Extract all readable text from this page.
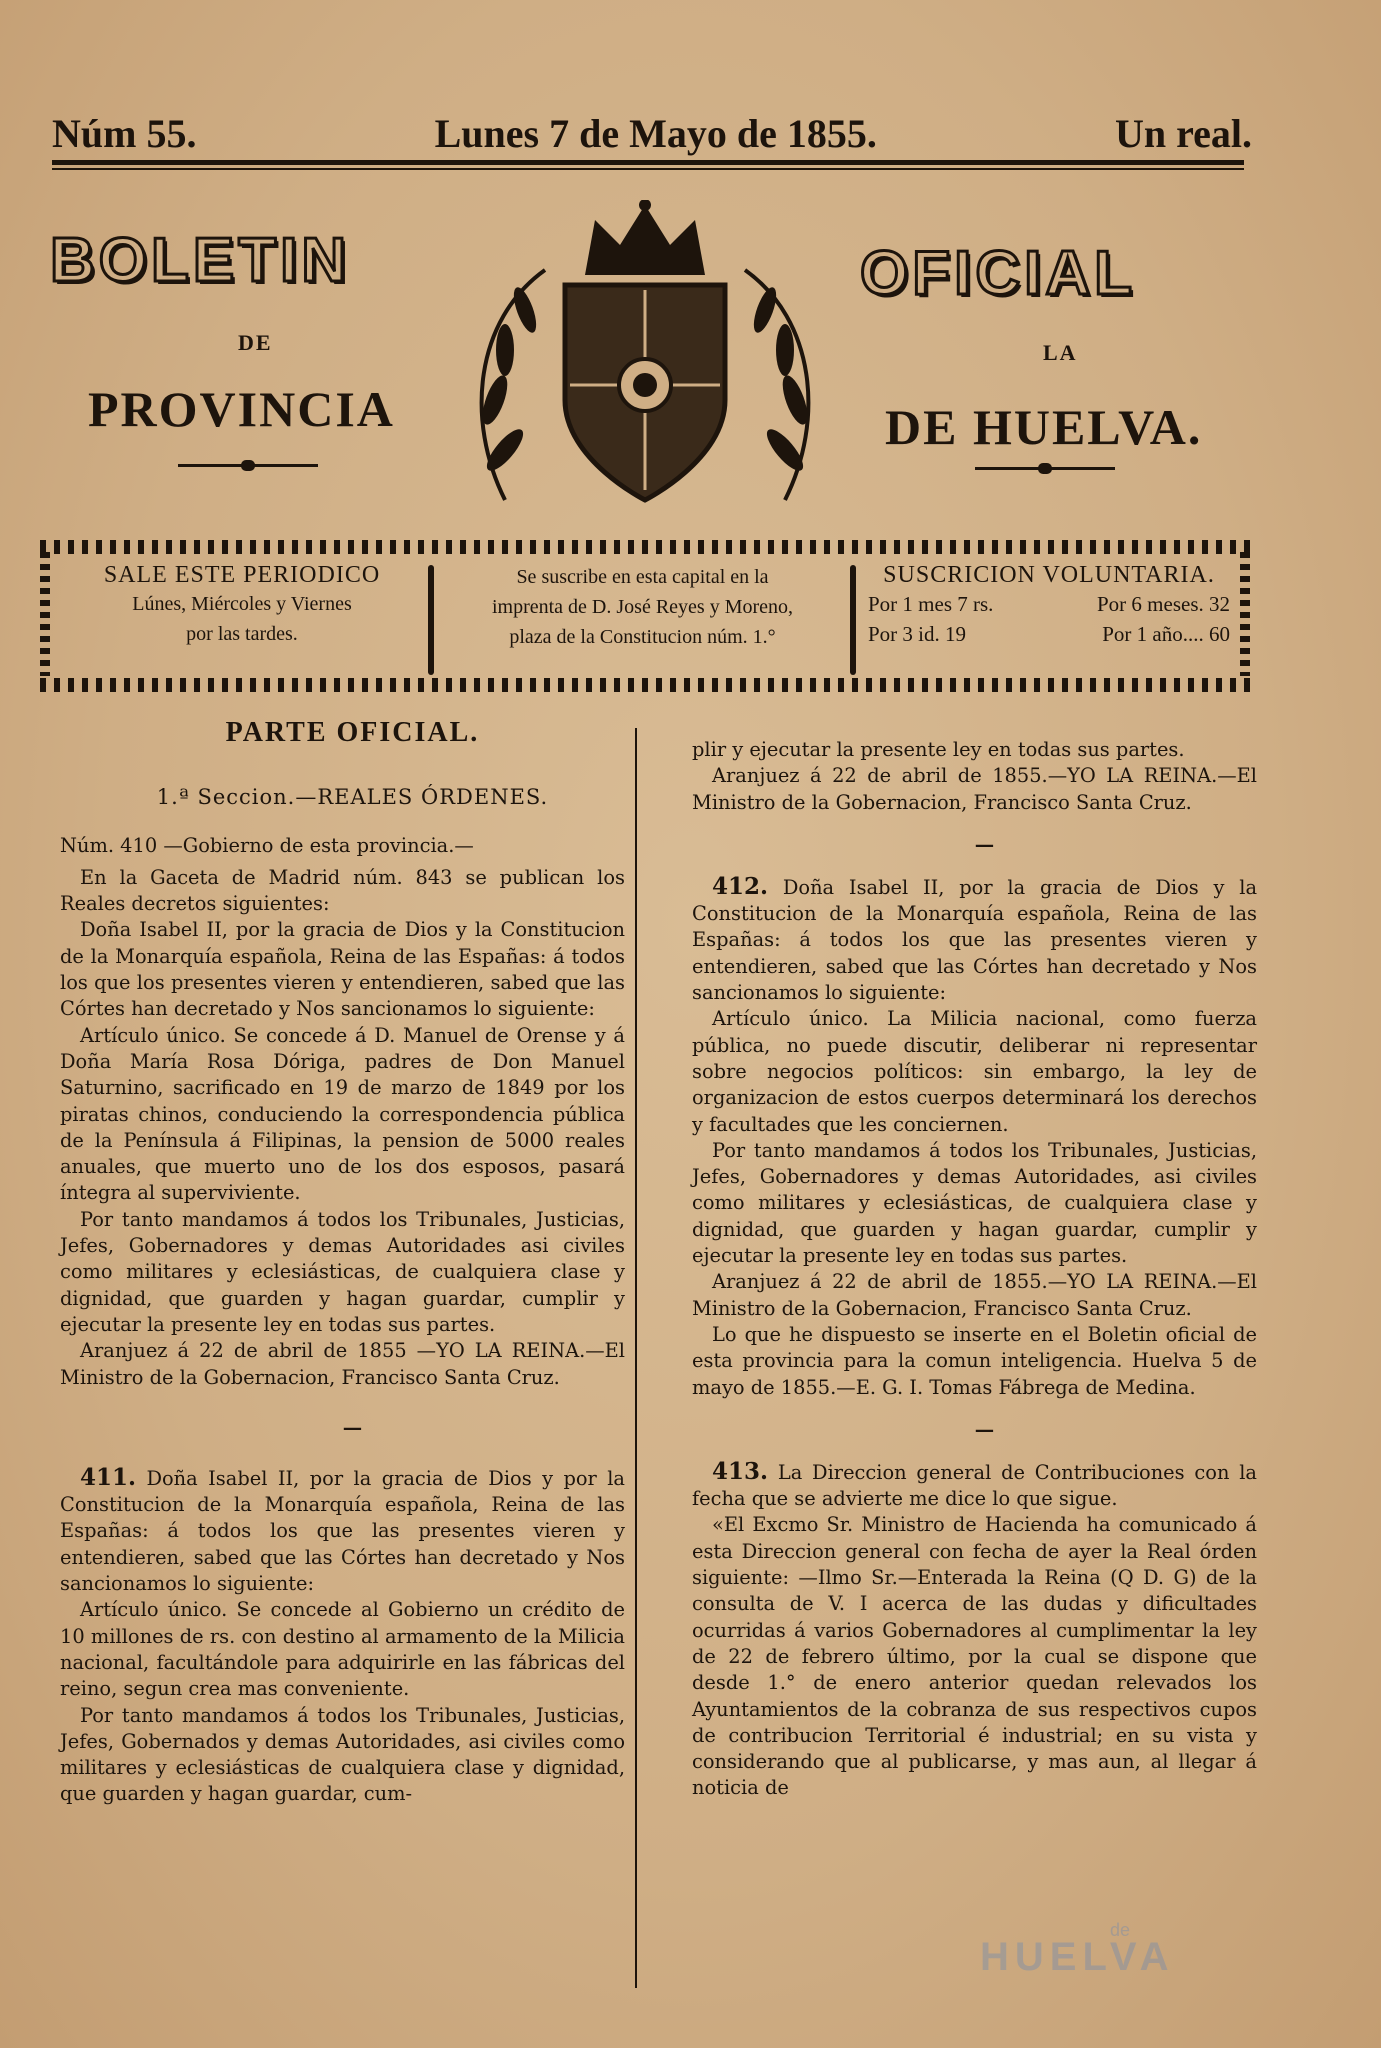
Núm 55.	Lunes 7 de Mayo de 1855.	Un real.
BOLETIN	OFICIAL
DE	LA
PROVINCIA	DE HUELVA.
SALE ESTE PERIODICO
Lúnes, Miércoles y Viernes
por las tardes.
Se suscribe en esta capital en la
imprenta de D. José Reyes y Moreno,
plaza de la Constitucion núm. 1.°
SUSCRICION VOLUNTARIA.
Por 1 mes 7 rs.	Por 6 meses. 32
Por 3 id. 19	Por 1 año.... 60

PARTE OFICIAL.

1.ª Seccion.—REALES ÓRDENES.

Núm. 410 —Gobierno de esta provincia.—

En la Gaceta de Madrid núm. 843 se publican los Reales decretos siguientes:

Doña Isabel II, por la gracia de Dios y la Constitucion de la Monarquía española, Reina de las Españas: á todos los que los presentes vieren y entendieren, sabed que las Córtes han decretado y Nos sancionamos lo siguiente:

Artículo único. Se concede á D. Manuel de Orense y á Doña María Rosa Dóriga, padres de Don Manuel Saturnino, sacrificado en 19 de marzo de 1849 por los piratas chinos, conduciendo la correspondencia pública de la Península á Filipinas, la pension de 5000 reales anuales, que muerto uno de los dos esposos, pasará íntegra al superviviente.

Por tanto mandamos á todos los Tribunales, Justicias, Jefes, Gobernadores y demas Autoridades asi civiles como militares y eclesiásticas, de cualquiera clase y dignidad, que guarden y hagan guardar, cumplir y ejecutar la presente ley en todas sus partes.

Aranjuez á 22 de abril de 1855 —YO LA REINA.—El Ministro de la Gobernacion, Francisco Santa Cruz.

—

411. Doña Isabel II, por la gracia de Dios y por la Constitucion de la Monarquía española, Reina de las Españas: á todos los que las presentes vieren y entendieren, sabed que las Córtes han decretado y Nos sancionamos lo siguiente:

Artículo único. Se concede al Gobierno un crédito de 10 millones de rs. con destino al armamento de la Milicia nacional, facultándole para adquirirle en las fábricas del reino, segun crea mas conveniente.

Por tanto mandamos á todos los Tribunales, Justicias, Jefes, Gobernados y demas Autoridades, asi civiles como militares y eclesiásticas de cualquiera clase y dignidad, que guarden y hagan guardar, cum-

plir y ejecutar la presente ley en todas sus partes.

Aranjuez á 22 de abril de 1855.—YO LA REINA.—El Ministro de la Gobernacion, Francisco Santa Cruz.

—

412. Doña Isabel II, por la gracia de Dios y la Constitucion de la Monarquía española, Reina de las Españas: á todos los que las presentes vieren y entendieren, sabed que las Córtes han decretado y Nos sancionamos lo siguiente:

Artículo único. La Milicia nacional, como fuerza pública, no puede discutir, deliberar ni representar sobre negocios políticos: sin embargo, la ley de organizacion de estos cuerpos determinará los derechos y facultades que les conciernen.

Por tanto mandamos á todos los Tribunales, Justicias, Jefes, Gobernadores y demas Autoridades, asi civiles como militares y eclesiásticas, de cualquiera clase y dignidad, que guarden y hagan guardar, cumplir y ejecutar la presente ley en todas sus partes.

Aranjuez á 22 de abril de 1855.—YO LA REINA.—El Ministro de la Gobernacion, Francisco Santa Cruz.

Lo que he dispuesto se inserte en el Boletin oficial de esta provincia para la comun inteligencia. Huelva 5 de mayo de 1855.—E. G. I. Tomas Fábrega de Medina.

—

413. La Direccion general de Contribuciones con la fecha que se advierte me dice lo que sigue.

«El Excmo Sr. Ministro de Hacienda ha comunicado á esta Direccion general con fecha de ayer la Real órden siguiente: —Ilmo Sr.—Enterada la Reina (Q D. G) de la consulta de V. I acerca de las dudas y dificultades ocurridas á varios Gobernadores al cumplimentar la ley de 22 de febrero último, por la cual se dispone que desde 1.° de enero anterior quedan relevados los Ayuntamientos de la cobranza de sus respectivos cupos de contribucion Territorial é industrial; en su vista y considerando que al publicarse, y mas aun, al llegar á noticia de

de
HUELVA
